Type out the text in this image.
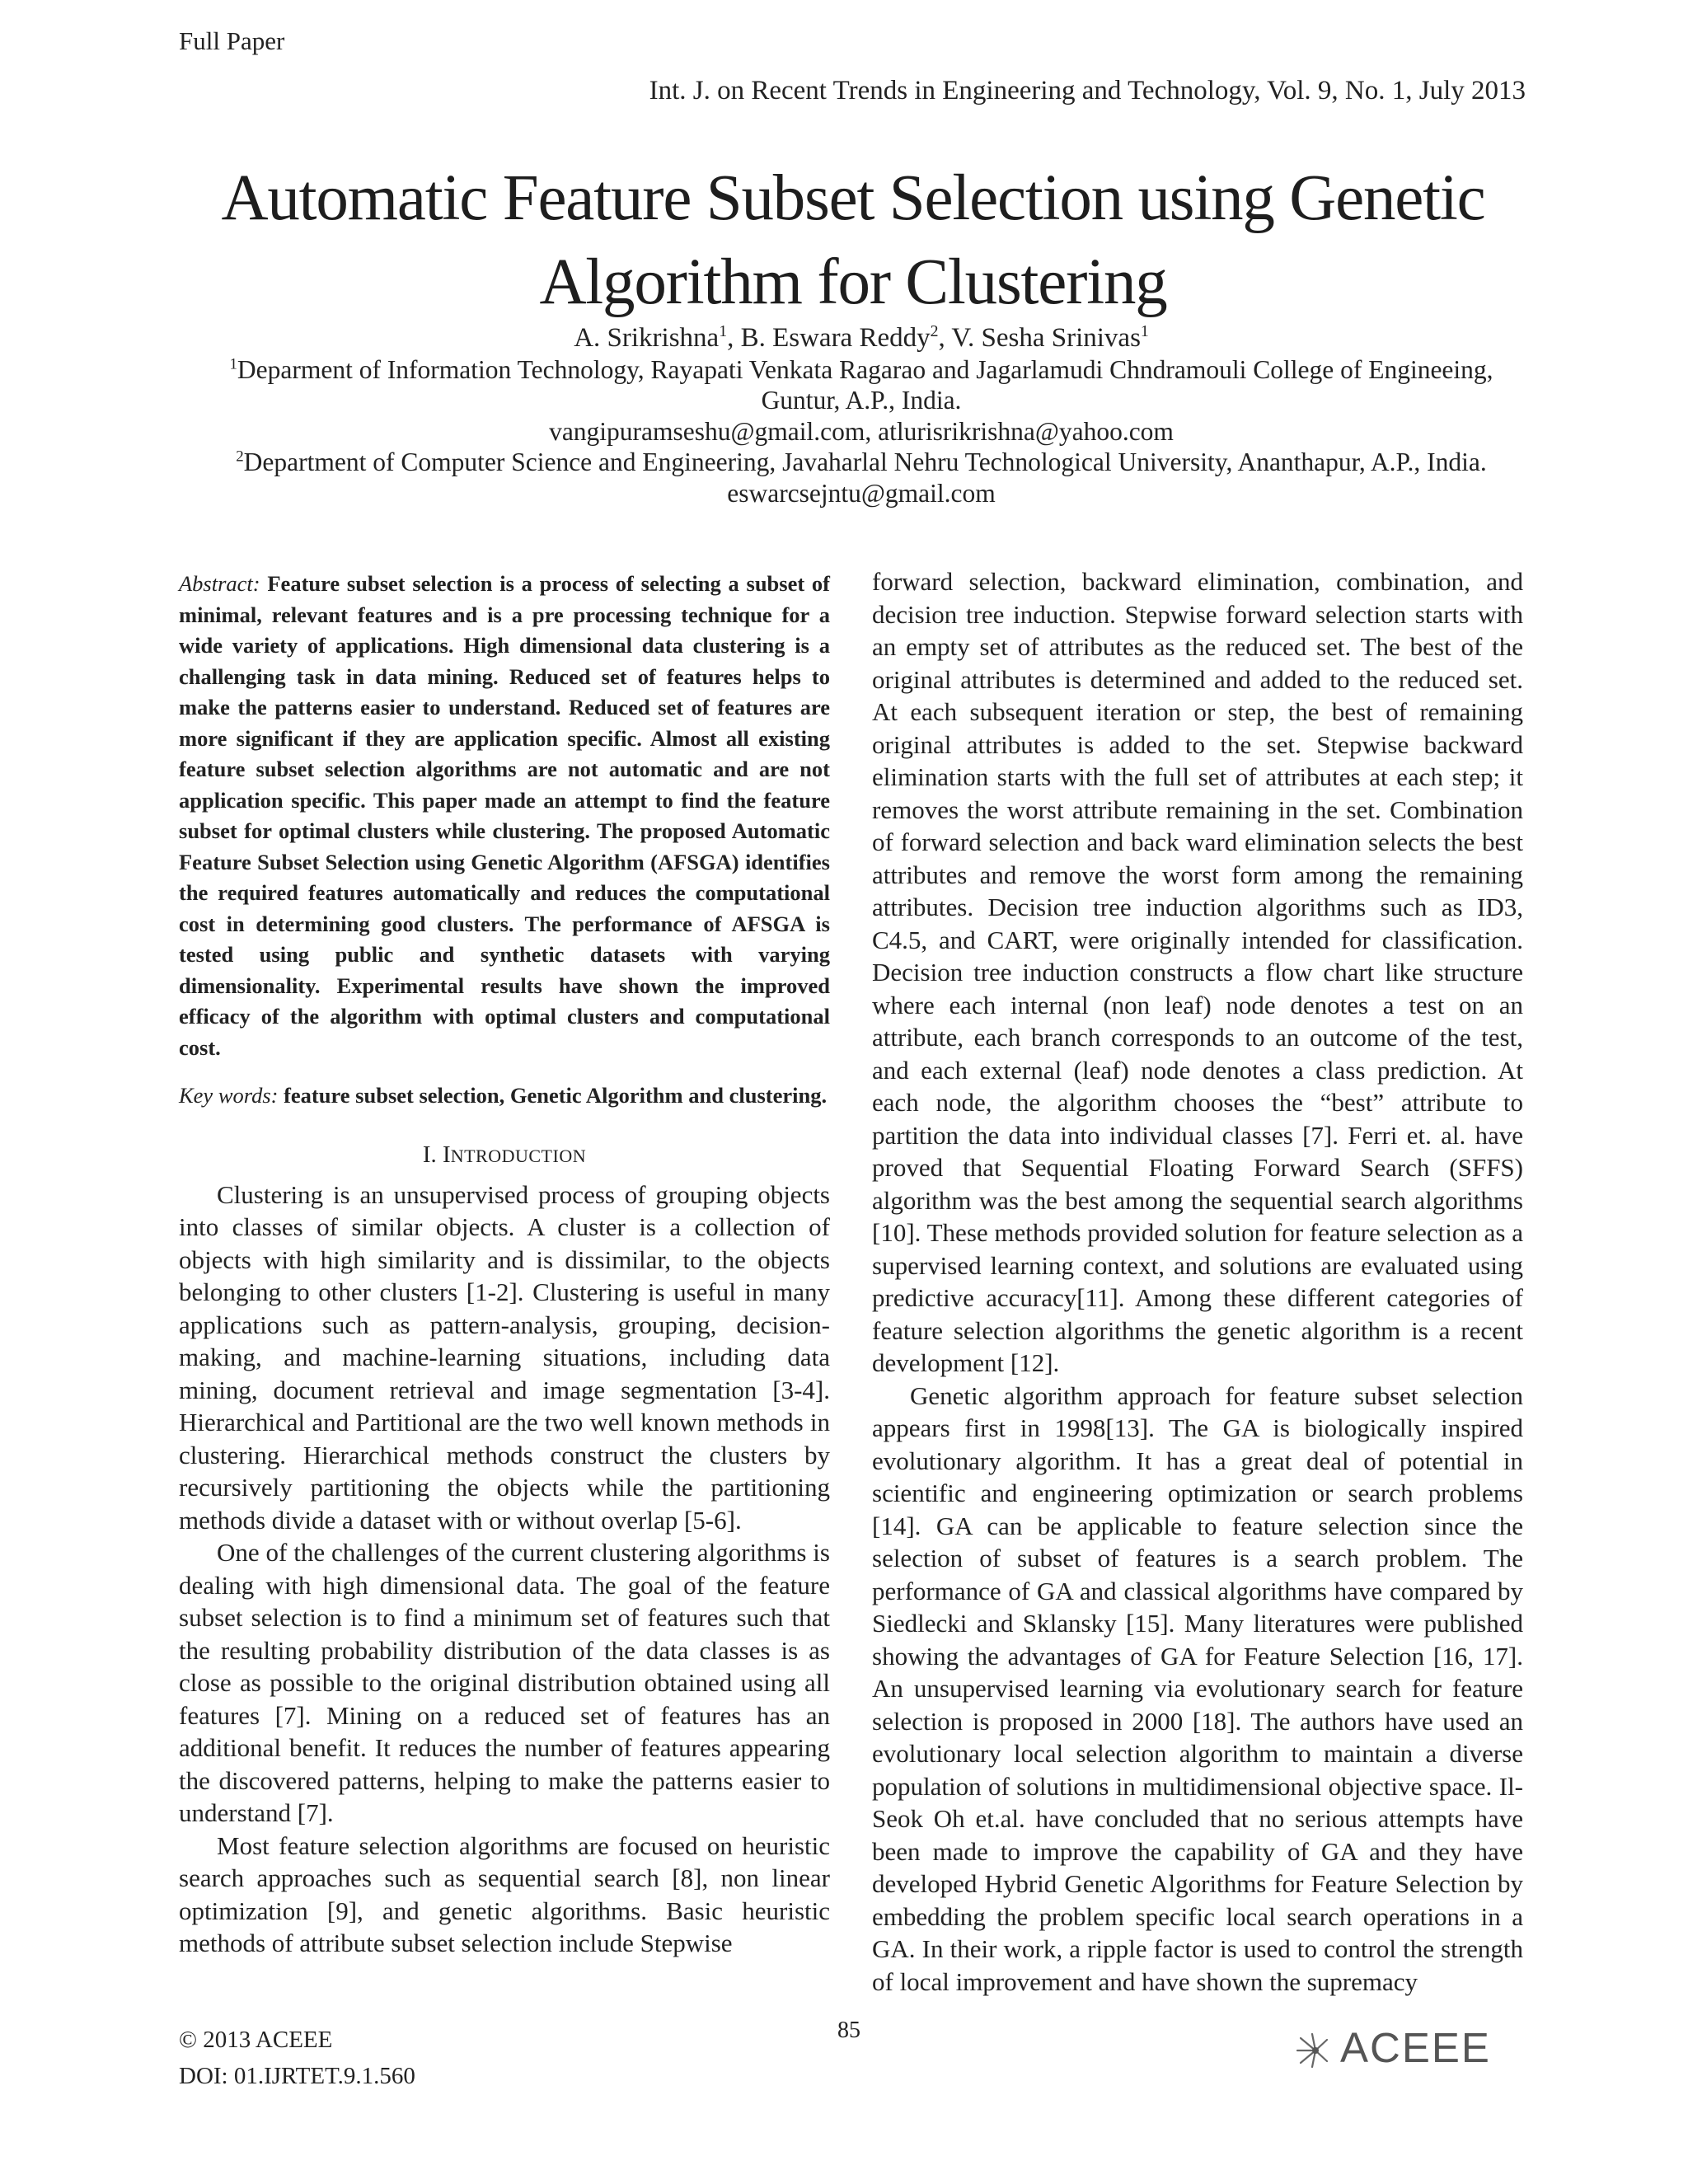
Full Paper
Int. J. on Recent Trends in Engineering and Technology, Vol. 9, No. 1, July 2013
Automatic Feature Subset Selection using Genetic
Algorithm for Clustering
A. Srikrishna$^1$, B. Eswara Reddy$^2$, V. Sesha Srinivas$^1$
$^1$Deparment of Information Technology, Rayapati Venkata Ragarao and Jagarlamudi Chndramouli College of Engineeing,
Guntur, A.P., India.
vangipuramseshu@gmail.com, atlurisrikrishna@yahoo.com
$^2$Department of Computer Science and Engineering, Javaharlal Nehru Technological University, Ananthapur, A.P., India.
eswarcsejntu@gmail.com

Abstract: Feature subset selection is a process of selecting a subset of minimal, relevant features and is a pre processing technique for a wide variety of applications. High dimensional data clustering is a challenging task in data mining. Reduced set of features helps to make the patterns easier to understand. Reduced set of features are more significant if they are application specific. Almost all existing feature subset selection algorithms are not automatic and are not application specific. This paper made an attempt to find the feature subset for optimal clusters while clustering. The proposed Automatic Feature Subset Selection using Genetic Algorithm (AFSGA) identifies the required features automatically and reduces the computational cost in determining good clusters. The performance of AFSGA is tested using public and synthetic datasets with varying dimensionality. Experimental results have shown the improved efficacy of the algorithm with optimal clusters and computational cost.

Key words: feature subset selection, Genetic Algorithm and clustering.

I. INTRODUCTION

Clustering is an unsupervised process of grouping objects into classes of similar objects. A cluster is a collection of objects with high similarity and is dissimilar, to the objects belonging to other clusters [1-2]. Clustering is useful in many applications such as pattern-analysis, grouping, decision-making, and machine-learning situations, including data mining, document retrieval and image segmentation [3-4]. Hierarchical and Partitional are the two well known methods in clustering. Hierarchical methods construct the clusters by recursively partitioning the objects while the partitioning methods divide a dataset with or without overlap [5-6].

One of the challenges of the current clustering algorithms is dealing with high dimensional data. The goal of the feature subset selection is to find a minimum set of features such that the resulting probability distribution of the data classes is as close as possible to the original distribution obtained using all features [7]. Mining on a reduced set of features has an additional benefit. It reduces the number of features appearing the discovered patterns, helping to make the patterns easier to understand [7].

Most feature selection algorithms are focused on heuristic search approaches such as sequential search [8], non linear optimization [9], and genetic algorithms. Basic heuristic methods of attribute subset selection include Stepwise

forward selection, backward elimination, combination, and decision tree induction. Stepwise forward selection starts with an empty set of attributes as the reduced set. The best of the original attributes is determined and added to the reduced set. At each subsequent iteration or step, the best of remaining original attributes is added to the set. Stepwise backward elimination starts with the full set of attributes at each step; it removes the worst attribute remaining in the set. Combination of forward selection and back ward elimination selects the best attributes and remove the worst form among the remaining attributes. Decision tree induction algorithms such as ID3, C4.5, and CART, were originally intended for classification. Decision tree induction constructs a flow chart like structure where each internal (non leaf) node denotes a test on an attribute, each branch corresponds to an outcome of the test, and each external (leaf) node denotes a class prediction. At each node, the algorithm chooses the “best” attribute to partition the data into individual classes [7]. Ferri et. al. have proved that Sequential Floating Forward Search (SFFS) algorithm was the best among the sequential search algorithms [10]. These methods provided solution for feature selection as a supervised learning context, and solutions are evaluated using predictive accuracy[11]. Among these different categories of feature selection algorithms the genetic algorithm is a recent development [12].

Genetic algorithm approach for feature subset selection appears first in 1998[13]. The GA is biologically inspired evolutionary algorithm. It has a great deal of potential in scientific and engineering optimization or search problems [14]. GA can be applicable to feature selection since the selection of subset of features is a search problem. The performance of GA and classical algorithms have compared by Siedlecki and Sklansky [15]. Many literatures were published showing the advantages of GA for Feature Selection [16, 17]. An unsupervised learning via evolutionary search for feature selection is proposed in 2000 [18]. The authors have used an evolutionary local selection algorithm to maintain a diverse population of solutions in multidimensional objective space. Il-Seok Oh et.al. have concluded that no serious attempts have been made to improve the capability of GA and they have developed Hybrid Genetic Algorithms for Feature Selection by embedding the problem specific local search operations in a GA. In their work, a ripple factor is used to control the strength of local improvement and have shown the supremacy

© 2013 ACEEE
DOI: 01.IJRTET.9.1.560
85	ACEEE
